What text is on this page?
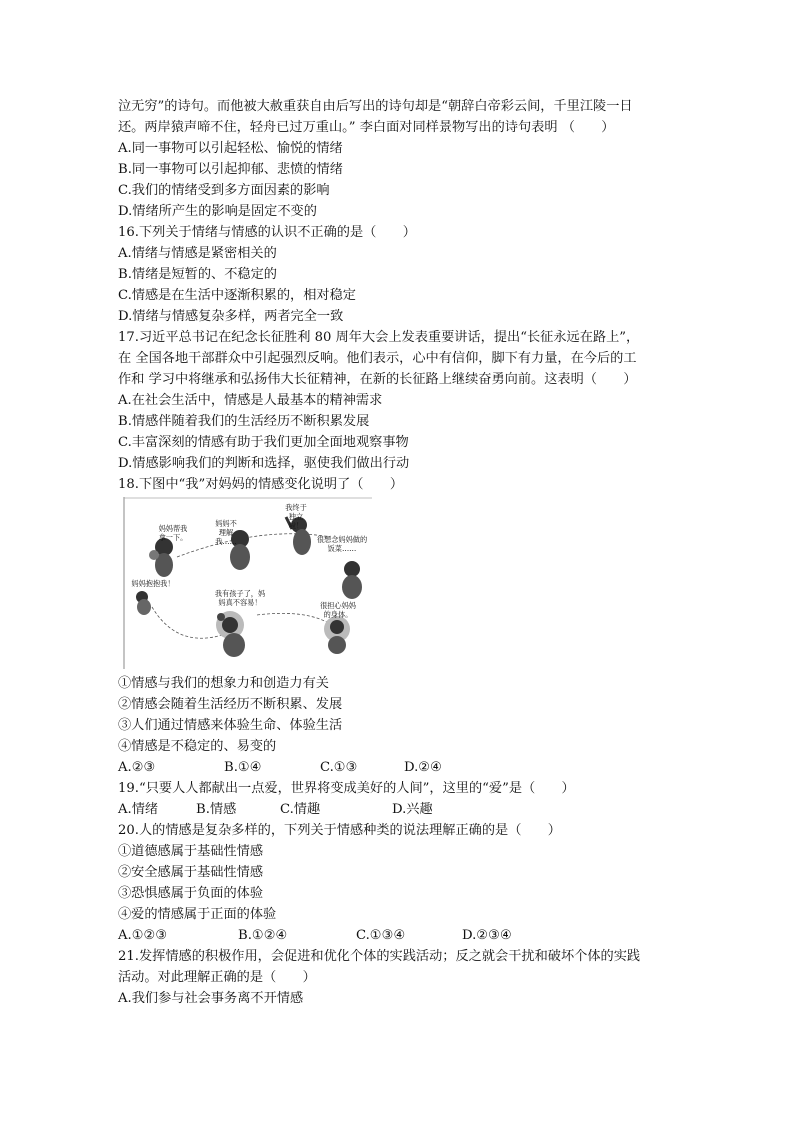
泣无穷”的诗句。而他被大赦重获自由后写出的诗句却是“朝辞白帝彩云间，千里江陵一日
还。两岸猿声啼不住，轻舟已过万重山。” 李白面对同样景物写出的诗句表明 （　　）
A.同一事物可以引起轻松、愉悦的情绪
B.同一事物可以引起抑郁、悲愤的情绪
C.我们的情绪受到多方面因素的影响
D.情绪所产生的影响是固定不变的
16.下列关于情绪与情感的认识不正确的是（　　）
A.情绪与情感是紧密相关的
B.情绪是短暂的、不稳定的
C.情感是在生活中逐渐积累的，相对稳定
D.情绪与情感复杂多样，两者完全一致
17.习近平总书记在纪念长征胜利 80 周年大会上发表重要讲话，提出“长征永远在路上”，
在 全国各地干部群众中引起强烈反响。他们表示，心中有信仰，脚下有力量，在今后的工
作和 学习中将继承和弘扬伟大长征精神，在新的长征路上继续奋勇向前。这表明（　　）
A.在社会生活中，情感是人最基本的精神需求
B.情感伴随着我们的生活经历不断积累发展
C.丰富深刻的情感有助于我们更加全面地观察事物
D.情感影响我们的判断和选择，驱使我们做出行动
18.下图中“我”对妈妈的情感变化说明了（　　）
妈妈不理解我……
我终于独立啦！
妈妈帮我拿一下。	很想念妈妈做的饭菜……
妈妈抱抱我！
我有孩子了，妈妈真不容易！	很担心妈妈的身体。
①情感与我们的想象力和创造力有关
②情感会随着生活经历不断积累、发展
③人们通过情感来体验生命、体验生活
④情感是不稳定的、易变的
A.②③	B.①④	C.①③	D.②④
19.“只要人人都献出一点爱，世界将变成美好的人间”，这里的“爱”是（　　）
A.情绪	B.情感	C.情趣	D.兴趣
20.人的情感是复杂多样的，下列关于情感种类的说法理解正确的是（　　）
①道德感属于基础性情感
②安全感属于基础性情感
③恐惧感属于负面的体验
④爱的情感属于正面的体验
A.①②③	B.①②④	C.①③④	D.②③④
21.发挥情感的积极作用，会促进和优化个体的实践活动；反之就会干扰和破坏个体的实践
活动。对此理解正确的是（　　）
A.我们参与社会事务离不开情感
